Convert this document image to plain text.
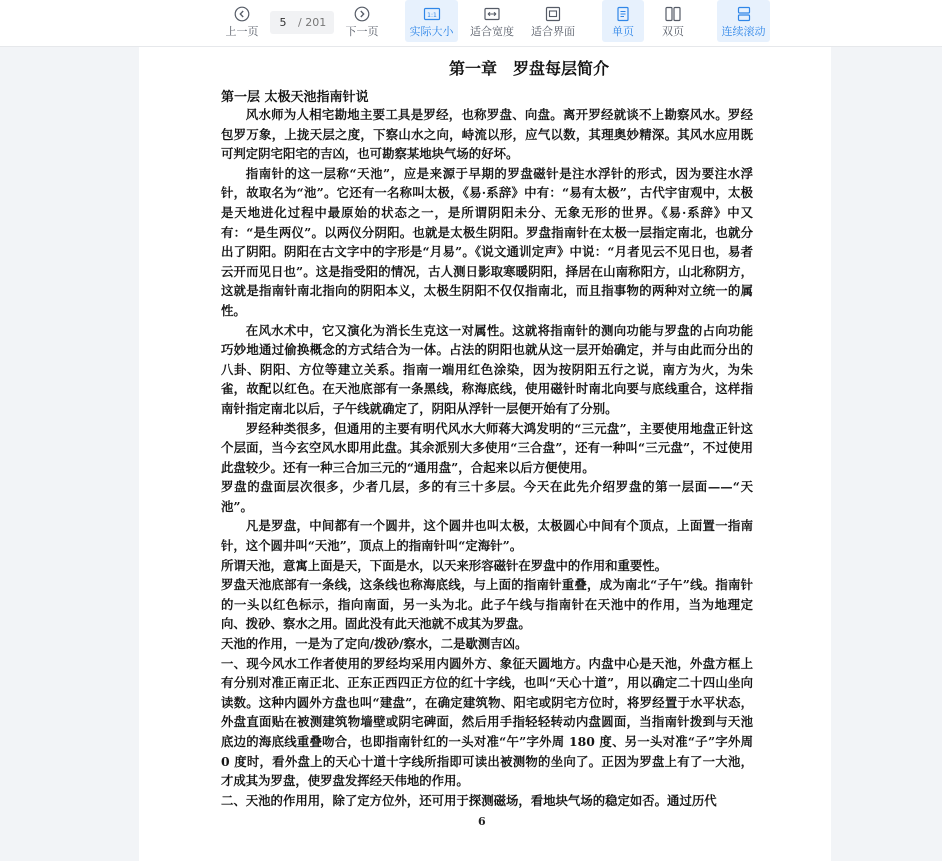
上一页
5
/ 201
下一页
1:1
实际大小 适合宽度 适合界面	单页	双页	连续滚动
第一章　罗盘每层简介
第一层 太极天池指南针说

风水师为人相宅勘地主要工具是罗经，也称罗盘、向盘。离开罗经就谈不上勘察风水。罗经包罗万象，上拢天层之度，下察山水之向，峙流以形，应气以数，其理奥妙精深。其风水应用既可判定阴宅阳宅的吉凶，也可勘察某地块气场的好坏。

指南针的这一层称“天池”，应是来源于早期的罗盘磁针是注水浮针的形式，因为要注水浮针，故取名为“池”。它还有一名称叫太极，《易·系辞》中有：“易有太极”，古代宇宙观中，太极是天地进化过程中最原始的状态之一，是所谓阴阳未分、无象无形的世界。《易·系辞》中又有：“是生两仪”。以两仪分阴阳。也就是太极生阴阳。罗盘指南针在太极一层指定南北，也就分出了阴阳。阴阳在古文字中的字形是“月易”。《说文通训定声》中说：“月者见云不见日也，易者云开而见日也”。这是指受阳的情况，古人测日影取寒暖阴阳，择居在山南称阳方，山北称阴方，这就是指南针南北指向的阴阳本义，太极生阴阳不仅仅指南北，而且指事物的两种对立统一的属性。

在风水术中，它又演化为消长生克这一对属性。这就将指南针的测向功能与罗盘的占向功能巧妙地通过偷换概念的方式结合为一体。占法的阴阳也就从这一层开始确定，并与由此而分出的八卦、阴阳、方位等建立关系。指南一端用红色涂染，因为按阴阳五行之说，南方为火，为朱雀，故配以红色。在天池底部有一条黑线，称海底线，使用磁针时南北向要与底线重合，这样指南针指定南北以后，子午线就确定了，阴阳从浮针一层便开始有了分别。

罗经种类很多，但通用的主要有明代风水大师蒋大鸿发明的“三元盘”，主要使用地盘正针这个层面，当今玄空风水即用此盘。其余派别大多使用“三合盘”，还有一种叫“三元盘”，不过使用此盘较少。还有一种三合加三元的“通用盘”，合起来以后方便使用。

罗盘的盘面层次很多，少者几层，多的有三十多层。今天在此先介绍罗盘的第一层面——“天池”。

凡是罗盘，中间都有一个圆井，这个圆井也叫太极，太极圆心中间有个顶点，上面置一指南针，这个圆井叫“天池”，顶点上的指南针叫“定海针”。

所谓天池，意寓上面是天，下面是水，以天来形容磁针在罗盘中的作用和重要性。

罗盘天池底部有一条线，这条线也称海底线，与上面的指南针重叠，成为南北“子午”线。指南针的一头以红色标示，指向南面，另一头为北。此子午线与指南针在天池中的作用，当为地理定向、拨砂、察水之用。固此没有此天池就不成其为罗盘。

天池的作用，一是为了定向/拨砂/察水，二是歇测吉凶。

一、现今风水工作者使用的罗经均采用内圆外方、象征天圆地方。内盘中心是天池，外盘方框上有分别对准正南正北、正东正西四正方位的红十字线，也叫“天心十道”，用以确定二十四山坐向读数。这种内圆外方盘也叫“建盘”，在确定建筑物、阳宅或阴宅方位时，将罗经置于水平状态，外盘直面贴在被测建筑物墙壁或阴宅碑面，然后用手指轻轻转动内盘圆面，当指南针拨到与天池底边的海底线重叠吻合，也即指南针红的一头对准“午”字外周 180 度、另一头对准“子”字外周 0 度时，看外盘上的天心十道十字线所指即可读出被测物的坐向了。正因为罗盘上有了一大池，才成其为罗盘，使罗盘发挥经天伟地的作用。

二、天池的作用用，除了定方位外，还可用于探测磁场，看地块气场的稳定如否。通过历代

6
